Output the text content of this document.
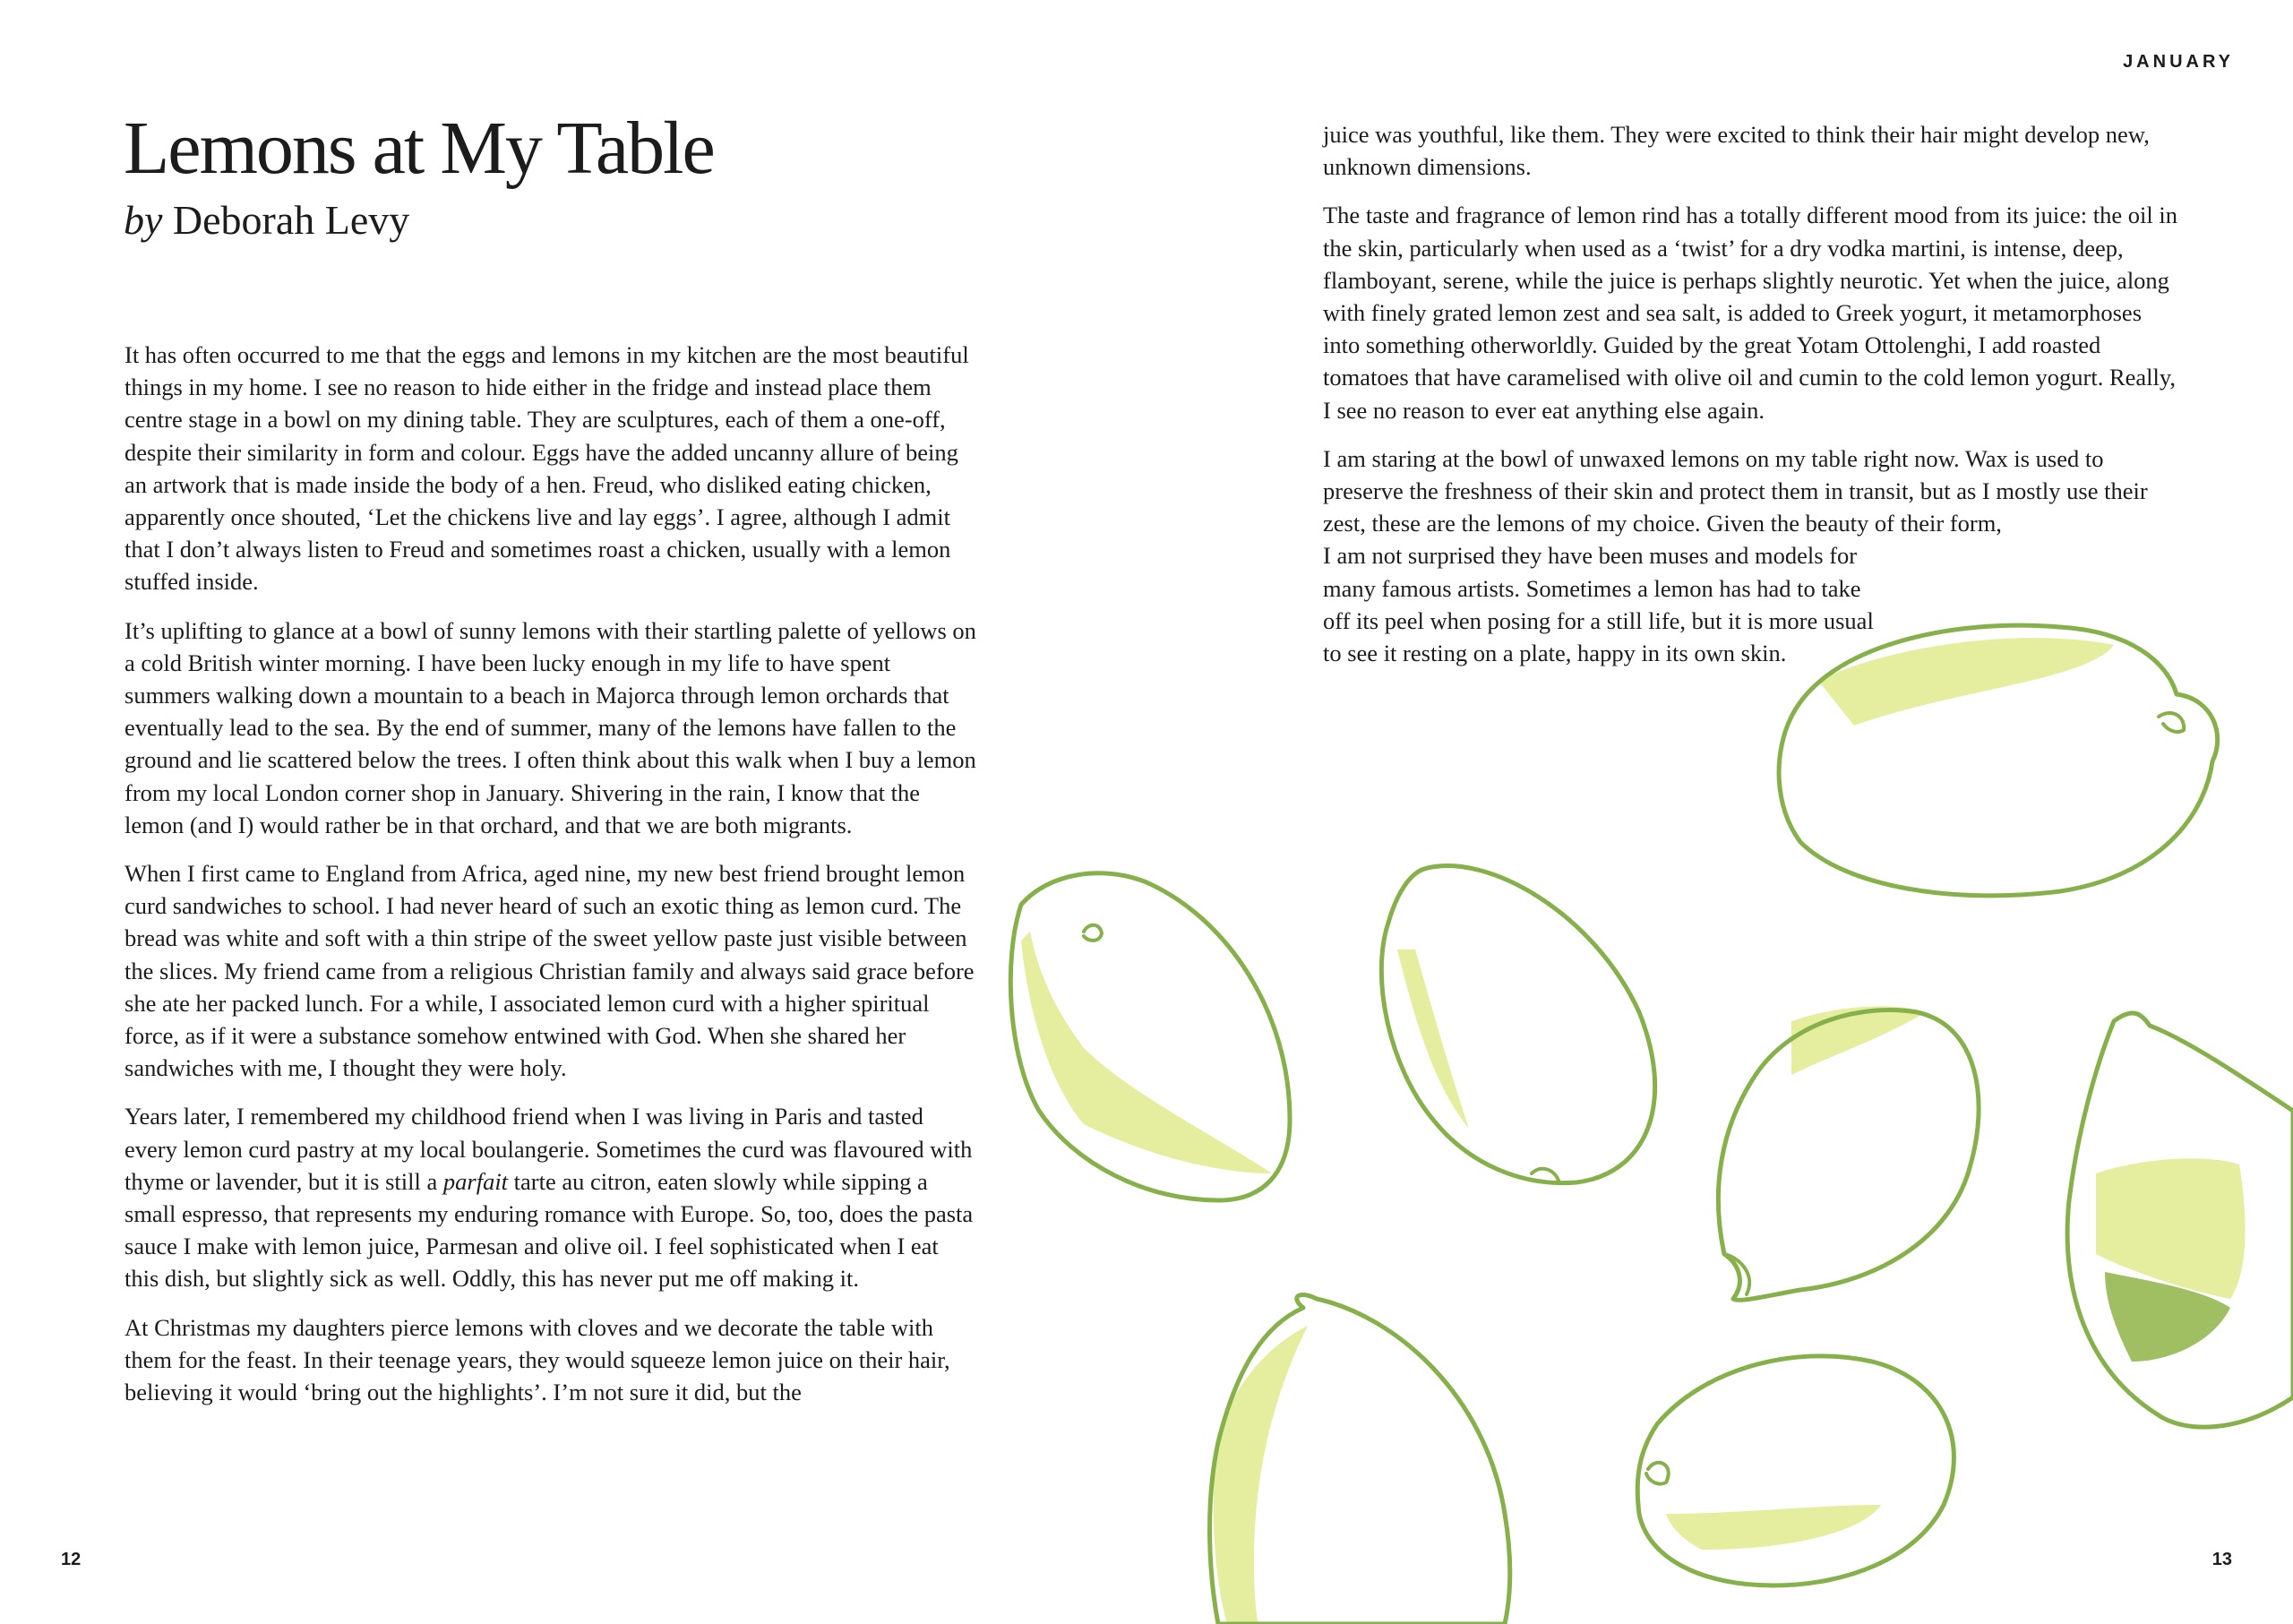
JANUARY
Lemons at My Table
by Deborah Levy

It has often occurred to me that the eggs and lemons in my kitchen are the most beautiful things in my home. I see no reason to hide either in the fridge and instead place them centre stage in a bowl on my dining table. They are sculptures, each of them a one-off, despite their similarity in form and colour. Eggs have the added uncanny allure of being an artwork that is made inside the body of a hen. Freud, who disliked eating chicken, apparently once shouted, ‘Let the chickens live and lay eggs’. I agree, although I admit that I don’t always listen to Freud and sometimes roast a chicken, usually with a lemon stuffed inside.

It’s uplifting to glance at a bowl of sunny lemons with their startling palette of yellows on a cold British winter morning. I have been lucky enough in my life to have spent summers walking down a mountain to a beach in Majorca through lemon orchards that eventually lead to the sea. By the end of summer, many of the lemons have fallen to the ground and lie scattered below the trees. I often think about this walk when I buy a lemon from my local London corner shop in January. Shivering in the rain, I know that the lemon (and I) would rather be in that orchard, and that we are both migrants.

When I first came to England from Africa, aged nine, my new best friend brought lemon curd sandwiches to school. I had never heard of such an exotic thing as lemon curd. The bread was white and soft with a thin stripe of the sweet yellow paste just visible between the slices. My friend came from a religious Christian family and always said grace before she ate her packed lunch. For a while, I associated lemon curd with a higher spiritual force, as if it were a substance somehow entwined with God. When she shared her sandwiches with me, I thought they were holy.

Years later, I remembered my childhood friend when I was living in Paris and tasted every lemon curd pastry at my local boulangerie. Sometimes the curd was flavoured with thyme or lavender, but it is still a parfait tarte au citron, eaten slowly while sipping a small espresso, that represents my enduring romance with Europe. So, too, does the pasta sauce I make with lemon juice, Parmesan and olive oil. I feel sophisticated when I eat this dish, but slightly sick as well. Oddly, this has never put me off making it.

At Christmas my daughters pierce lemons with cloves and we decorate the table with them for the feast. In their teenage years, they would squeeze lemon juice on their hair, believing it would ‘bring out the highlights’. I’m not sure it did, but the

juice was youthful, like them. They were excited to think their hair might develop new, unknown dimensions.

The taste and fragrance of lemon rind has a totally different mood from its juice: the oil in the skin, particularly when used as a ‘twist’ for a dry vodka martini, is intense, deep, flamboyant, serene, while the juice is perhaps slightly neurotic. Yet when the juice, along with finely grated lemon zest and sea salt, is added to Greek yogurt, it metamorphoses into something otherworldly. Guided by the great Yotam Ottolenghi, I add roasted tomatoes that have caramelised with olive oil and cumin to the cold lemon yogurt. Really, I see no reason to ever eat anything else again.

I am staring at the bowl of unwaxed lemons on my table right now. Wax is used to preserve the freshness of their skin and protect them in transit, but as I mostly use their zest, these are the lemons of my choice. Given the beauty of their form,

I am not surprised they have been muses and models for many famous artists. Sometimes a lemon has had to take off its peel when posing for a still life, but it is more usual to see it resting on a plate, happy in its own skin.

12	13
